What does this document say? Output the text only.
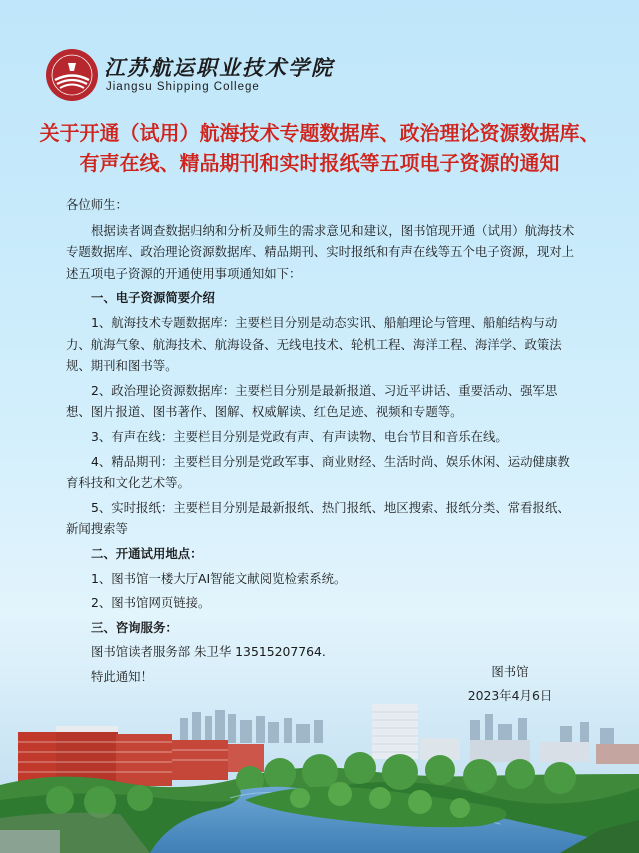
江苏航运职业技术学院
Jiangsu Shipping College
关于开通（试用）航海技术专题数据库、政治理论资源数据库、
有声在线、精品期刊和实时报纸等五项电子资源的通知

各位师生：

根据读者调查数据归纳和分析及师生的需求意见和建议，图书馆现开通（试用）航海技术专题数据库、政治理论资源数据库、精品期刊、实时报纸和有声在线等五个电子资源，现对上述五项电子资源的开通使用事项通知如下：

一、电子资源简要介绍

1、航海技术专题数据库：主要栏目分别是动态实讯、船舶理论与管理、船舶结构与动力、航海气象、航海技术、航海设备、无线电技术、轮机工程、海洋工程、海洋学、政策法规、期刊和图书等。

2、政治理论资源数据库：主要栏目分别是最新报道、习近平讲话、重要活动、强军思想、图片报道、图书著作、图解、权威解读、红色足迹、视频和专题等。

3、有声在线：主要栏目分别是党政有声、有声读物、电台节目和音乐在线。

4、精品期刊：主要栏目分别是党政军事、商业财经、生活时尚、娱乐休闲、运动健康教育科技和文化艺术等。

5、实时报纸：主要栏目分别是最新报纸、热门报纸、地区搜索、报纸分类、常看报纸、新闻搜索等

二、开通试用地点：

1、图书馆一楼大厅AI智能文献阅览检索系统。

2、图书馆网页链接。

三、咨询服务：

图书馆读者服务部 朱卫华 13515207764.

特此通知！	图书馆
